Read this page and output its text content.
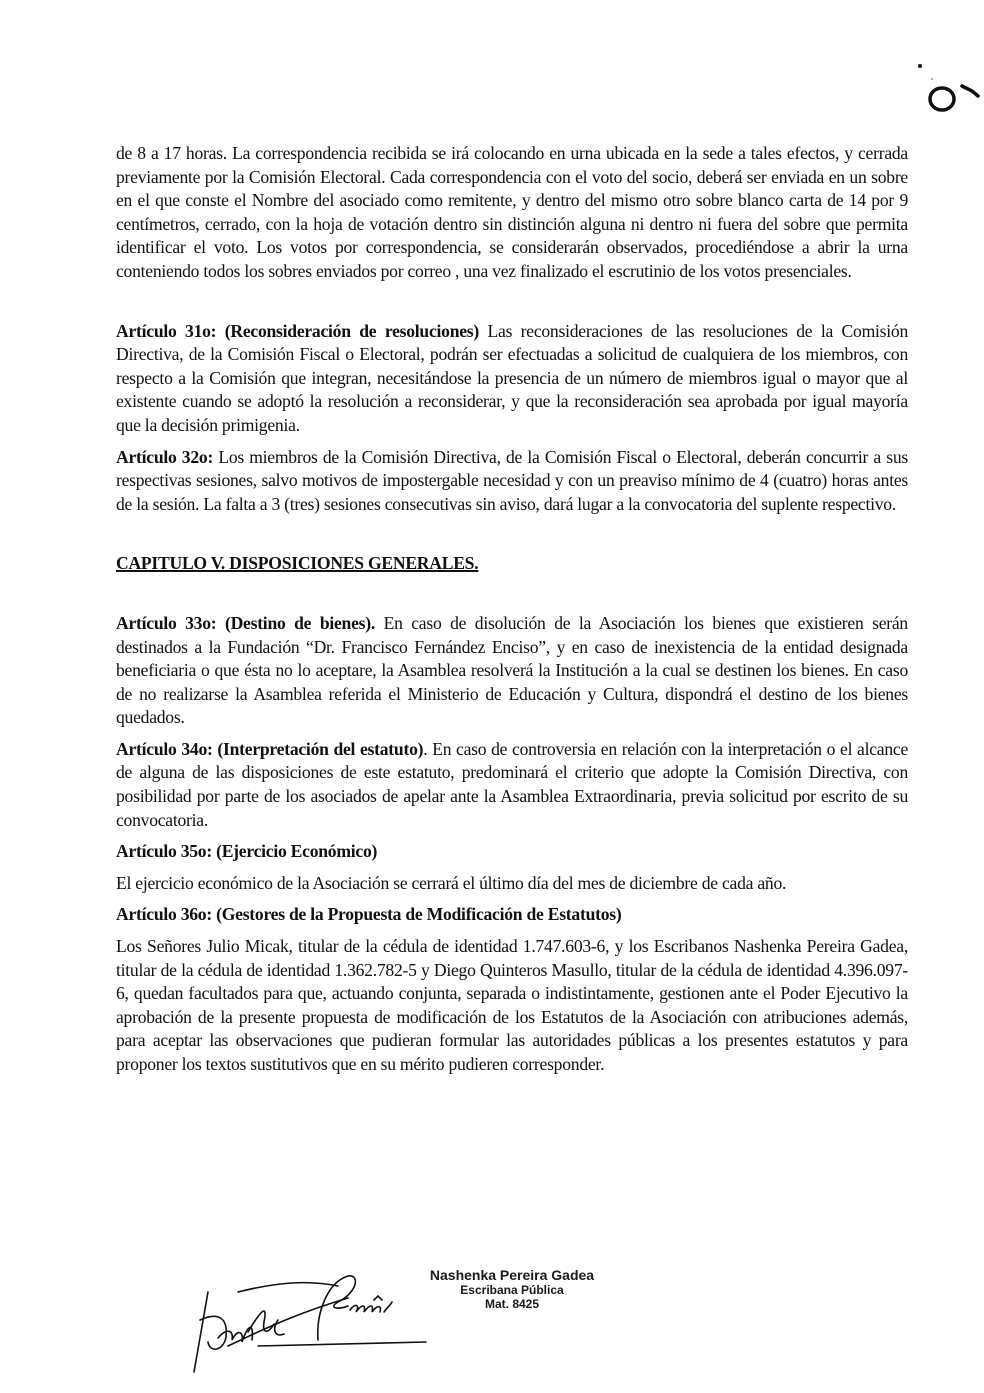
de 8 a 17 horas. La correspondencia recibida se irá colocando en urna ubicada en la sede a tales efectos, y cerrada previamente por la Comisión Electoral. Cada correspondencia con el voto del socio, deberá ser enviada en un sobre en el que conste el Nombre del asociado como remitente, y dentro del mismo otro sobre blanco carta de 14 por 9 centímetros, cerrado, con la hoja de votación dentro sin distinción alguna ni dentro ni fuera del sobre que permita identificar el voto. Los votos por correspondencia, se considerarán observados, procediéndose a abrir la urna conteniendo todos los sobres enviados por correo , una vez finalizado el escrutinio de los votos presenciales.

Artículo 31o: (Reconsideración de resoluciones) Las reconsideraciones de las resoluciones de la Comisión Directiva, de la Comisión Fiscal o Electoral, podrán ser efectuadas a solicitud de cualquiera de los miembros, con respecto a la Comisión que integran, necesitándose la presencia de un número de miembros igual o mayor que al existente cuando se adoptó la resolución a reconsiderar, y que la reconsideración sea aprobada por igual mayoría que la decisión primigenia.

Artículo 32o: Los miembros de la Comisión Directiva, de la Comisión Fiscal o Electoral, deberán concurrir a sus respectivas sesiones, salvo motivos de impostergable necesidad y con un preaviso mínimo de 4 (cuatro) horas antes de la sesión. La falta a 3 (tres) sesiones consecutivas sin aviso, dará lugar a la convocatoria del suplente respectivo.

CAPITULO V. DISPOSICIONES GENERALES.

Artículo 33o: (Destino de bienes). En caso de disolución de la Asociación los bienes que existieren serán destinados a la Fundación “Dr. Francisco Fernández Enciso”, y en caso de inexistencia de la entidad designada beneficiaria o que ésta no lo aceptare, la Asamblea resolverá la Institución a la cual se destinen los bienes. En caso de no realizarse la Asamblea referida el Ministerio de Educación y Cultura, dispondrá el destino de los bienes quedados.

Artículo 34o: (Interpretación del estatuto). En caso de controversia en relación con la interpretación o el alcance de alguna de las disposiciones de este estatuto, predominará el criterio que adopte la Comisión Directiva, con posibilidad por parte de los asociados de apelar ante la Asamblea Extraordinaria, previa solicitud por escrito de su convocatoria.

Artículo 35o: (Ejercicio Económico)

El ejercicio económico de la Asociación se cerrará el último día del mes de diciembre de cada año.

Artículo 36o: (Gestores de la Propuesta de Modificación de Estatutos)

Los Señores Julio Micak, titular de la cédula de identidad 1.747.603-6, y los Escribanos Nashenka Pereira Gadea, titular de la cédula de identidad 1.362.782-5 y Diego Quinteros Masullo, titular de la cédula de identidad 4.396.097-6, quedan facultados para que, actuando conjunta, separada o indistintamente, gestionen ante el Poder Ejecutivo la aprobación de la presente propuesta de modificación de los Estatutos de la Asociación con atribuciones además, para aceptar las observaciones que pudieran formular las autoridades públicas a los presentes estatutos y para proponer los textos sustitutivos que en su mérito pudieren corresponder.

Nashenka Pereira Gadea
Escribana Pública
Mat. 8425
